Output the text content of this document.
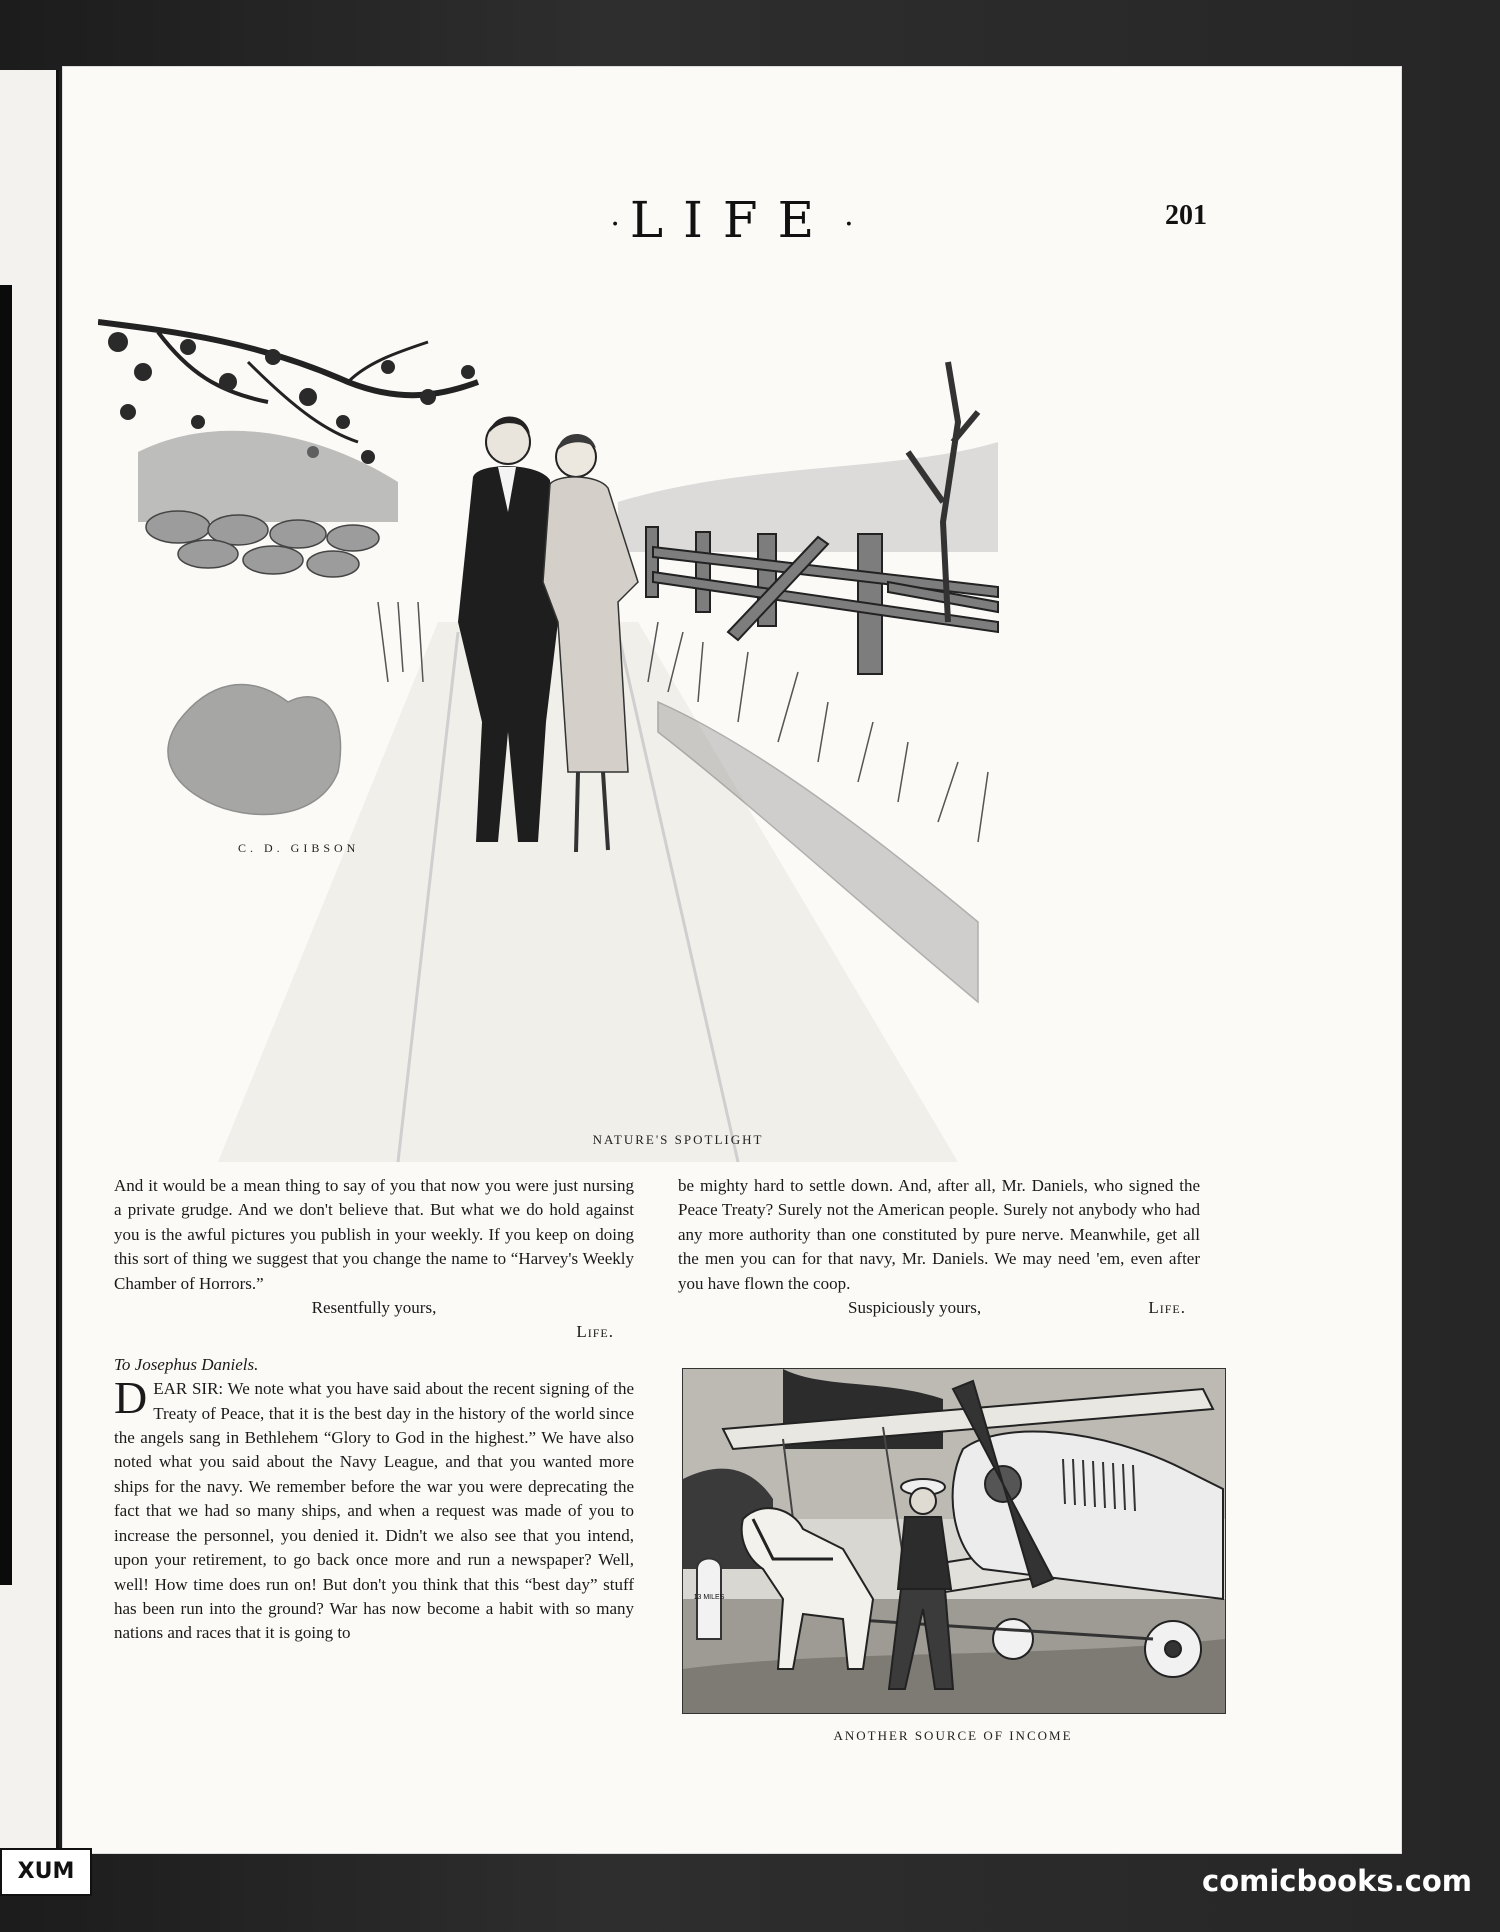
· LIFE ·	201
C. D. GIBSON
NATURE'S SPOTLIGHT

And it would be a mean thing to say of you that now you were just nursing a private grudge. And we don't believe that. But what we do hold against you is the awful pictures you publish in your weekly. If you keep on doing this sort of thing we suggest that you change the name to “Harvey's Weekly Chamber of Horrors.”

Resentfully yours,

Life.

To Josephus Daniels.

DEAR SIR: We note what you have said about the recent signing of the Treaty of Peace, that it is the best day in the history of the world since the angels sang in Bethlehem “Glory to God in the highest.” We have also noted what you said about the Navy League, and that you wanted more ships for the navy. We remember before the war you were deprecating the fact that we had so many ships, and when a request was made of you to increase the personnel, you denied it. Didn't we also see that you intend, upon your retirement, to go back once more and run a newspaper? Well, well! How time does run on! But don't you think that this “best day” stuff has been run into the ground? War has now become a habit with so many nations and races that it is going to

be mighty hard to settle down. And, after all, Mr. Daniels, who signed the Peace Treaty? Surely not the American people. Surely not anybody who had any more authority than one constituted by pure nerve. Meanwhile, get all the men you can for that navy, Mr. Daniels. We may need 'em, even after you have flown the coop.

Suspiciously yours,	Life.

13 MILES
ANOTHER SOURCE OF INCOME
XUM	comicbooks.com
